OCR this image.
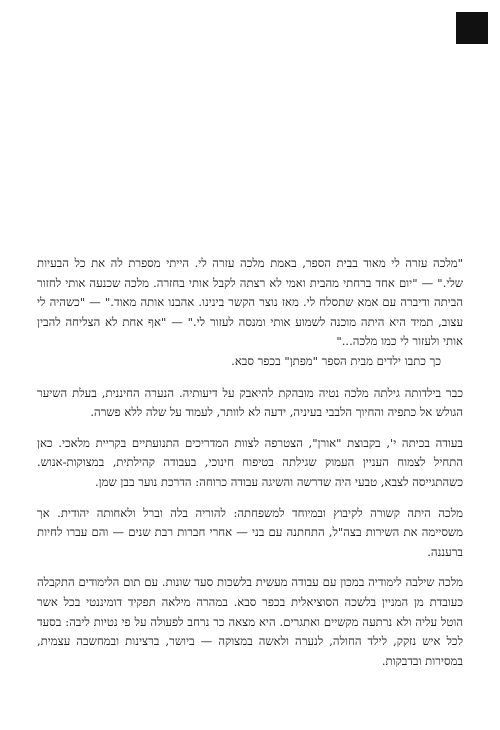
"מלכה עזרה לי מאוד בבית הספר, באמת מלכה עזרה לי. הייתי מספרת לה את כל הבעיות שלי." — "יום אחד ברחתי מהבית ואמי לא רצתה לקבל אותי בחזרה. מלכה שכנעה אותי לחזור הביתה ודיברה עם אמא שתסלח לי. מאז נוצר הקשר בינינו. אהבנו אותה מאוד." — "כשהיה לי עצוב, תמיד היא היתה מוכנה לשמוע אותי ומנסה לעזור לי." — "אף אחת לא הצליחה להבין אותי ולעזור לי כמו מלכה..."

כך כתבו ילדים מבית הספר "מפתן" בכפר סבא.

כבר בילדותה גילתה מלכה נטיה מובהקת להיאבק על דיעותיה. הנערה החיננית, בעלת השיער הגולש אל כתפיה והחיוך הלבבי בעיניה, ידעה לא לוותר, לעמוד על שלה ללא פשרה.

בעודה בכיתה י', בקבוצת "אורן", הצטרפה לצוות המדריכים התנועתיים בקריית מלאכי. כאן התחיל לצמוח העניין העמוק שגילתה בטיפוח חינוכי, בעבודה קהילתית, במצוקות-אנוש. כשהתגייסה לצבא, טבעי היה שדרשה והשיגה עבודה כרוחה: הדרכת נוער בבן שמן.

מלכה היתה קשורה לקיבוץ ובמיוחד למשפחתה: להוריה בלה וברל ולאחותה יהודית. אך משסיימה את השירות בצה"ל, התחתנה עם בני — אחרי חברות רבת שנים — והם עברו לחיות ברעננה.

מלכה שילבה לימודיה במכון עם עבודה מעשית בלשכות סעד שונות. עם תום הלימודים התקבלה כעובדת מן המניין בלשכה הסוציאלית בכפר סבא. במהרה מילאה תפקיד דומיננטי בכל אשר הוטל עליה ולא נרתעה מקשיים ואתגרים. היא מצאה כר נרחב לפעולה על פי נטיות ליבה: בסעד לכל איש נזקק, לילד החולה, לנערה ולאשה במצוקה — ביושר, ברצינות ובמחשבה עצמית, במסירות ובדבקות.
